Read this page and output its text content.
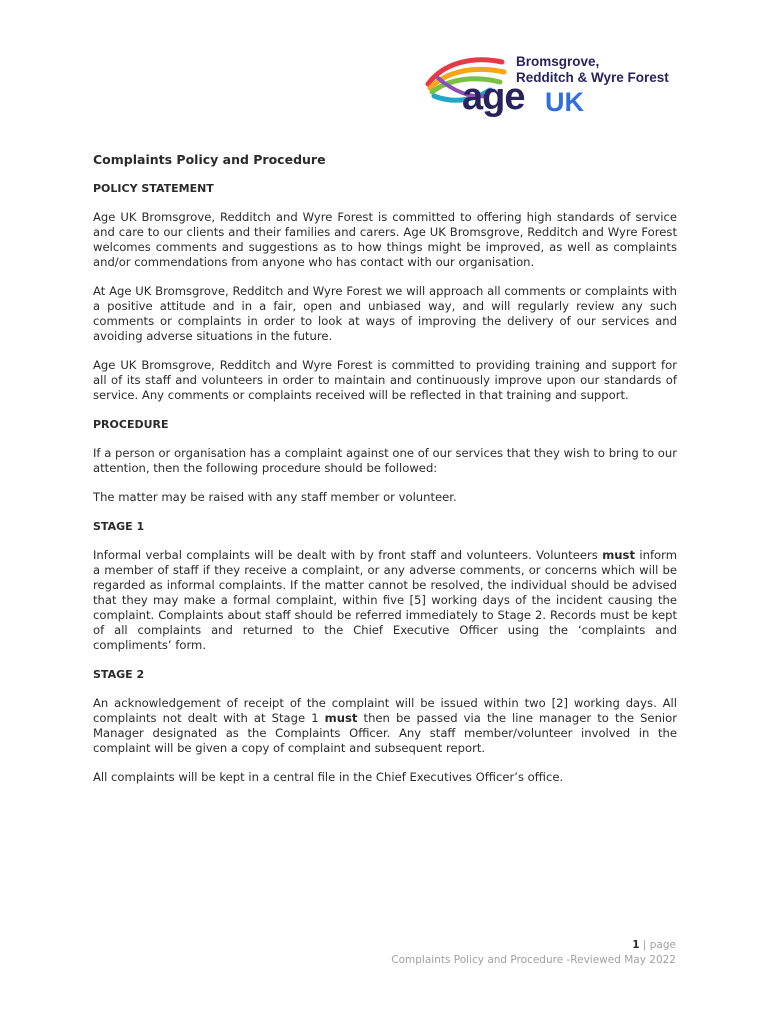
Bromsgrove,
Redditch & Wyre Forest
age UK
Complaints Policy and Procedure
POLICY STATEMENT

Age UK Bromsgrove, Redditch and Wyre Forest is committed to offering high standards of service and care to our clients and their families and carers. Age UK Bromsgrove, Redditch and Wyre Forest welcomes comments and suggestions as to how things might be improved, as well as complaints and/or commendations from anyone who has contact with our organisation.

At Age UK Bromsgrove, Redditch and Wyre Forest we will approach all comments or complaints with a positive attitude and in a fair, open and unbiased way, and will regularly review any such comments or complaints in order to look at ways of improving the delivery of our services and avoiding adverse situations in the future.

Age UK Bromsgrove, Redditch and Wyre Forest is committed to providing training and support for all of its staff and volunteers in order to maintain and continuously improve upon our standards of service. Any comments or complaints received will be reflected in that training and support.

PROCEDURE

If a person or organisation has a complaint against one of our services that they wish to bring to our attention, then the following procedure should be followed:

The matter may be raised with any staff member or volunteer.

STAGE 1

Informal verbal complaints will be dealt with by front staff and volunteers. Volunteers must inform a member of staff if they receive a complaint, or any adverse comments, or concerns which will be regarded as informal complaints. If the matter cannot be resolved, the individual should be advised that they may make a formal complaint, within five [5] working days of the incident causing the complaint. Complaints about staff should be referred immediately to Stage 2. Records must be kept of all complaints and returned to the Chief Executive Officer using the ‘complaints and compliments’ form.

STAGE 2

An acknowledgement of receipt of the complaint will be issued within two [2] working days. All complaints not dealt with at Stage 1 must then be passed via the line manager to the Senior Manager designated as the Complaints Officer. Any staff member/volunteer involved in the complaint will be given a copy of complaint and subsequent report.

All complaints will be kept in a central file in the Chief Executives Officer’s office.

1 | page
Complaints Policy and Procedure -Reviewed May 2022
